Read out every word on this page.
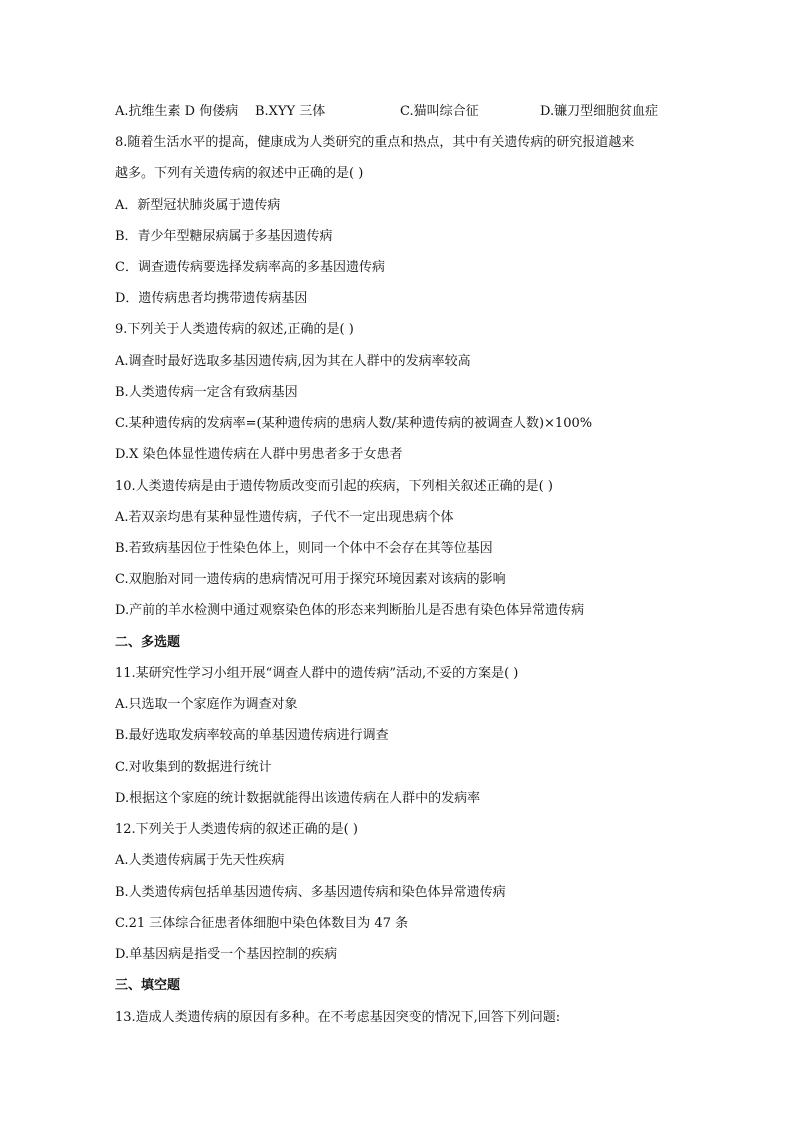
A.抗维生素 D 佝偻病 B.XYY 三体	C.猫叫综合征	D.镰刀型细胞贫血症
8.随着生活水平的提高，健康成为人类研究的重点和热点，其中有关遗传病的研究报道越来
越多。下列有关遗传病的叙述中正确的是( )
A．新型冠状肺炎属于遗传病
B．青少年型糖尿病属于多基因遗传病
C．调查遗传病要选择发病率高的多基因遗传病
D．遗传病患者均携带遗传病基因
9.下列关于人类遗传病的叙述,正确的是( )
A.调查时最好选取多基因遗传病,因为其在人群中的发病率较高
B.人类遗传病一定含有致病基因
C.某种遗传病的发病率=(某种遗传病的患病人数/某种遗传病的被调查人数)×100%
D.X 染色体显性遗传病在人群中男患者多于女患者
10.人类遗传病是由于遗传物质改变而引起的疾病，下列相关叙述正确的是( )
A.若双亲均患有某种显性遗传病，子代不一定出现患病个体
B.若致病基因位于性染色体上，则同一个体中不会存在其等位基因
C.双胞胎对同一遗传病的患病情况可用于探究环境因素对该病的影响
D.产前的羊水检测中通过观察染色体的形态来判断胎儿是否患有染色体异常遗传病
二、多选题
11.某研究性学习小组开展“调查人群中的遗传病”活动,不妥的方案是( )
A.只选取一个家庭作为调查对象
B.最好选取发病率较高的单基因遗传病进行调查
C.对收集到的数据进行统计
D.根据这个家庭的统计数据就能得出该遗传病在人群中的发病率
12.下列关于人类遗传病的叙述正确的是( )
A.人类遗传病属于先天性疾病
B.人类遗传病包括单基因遗传病、多基因遗传病和染色体异常遗传病
C.21 三体综合征患者体细胞中染色体数目为 47 条
D.单基因病是指受一个基因控制的疾病
三、填空题
13.造成人类遗传病的原因有多种。在不考虑基因突变的情况下,回答下列问题:
